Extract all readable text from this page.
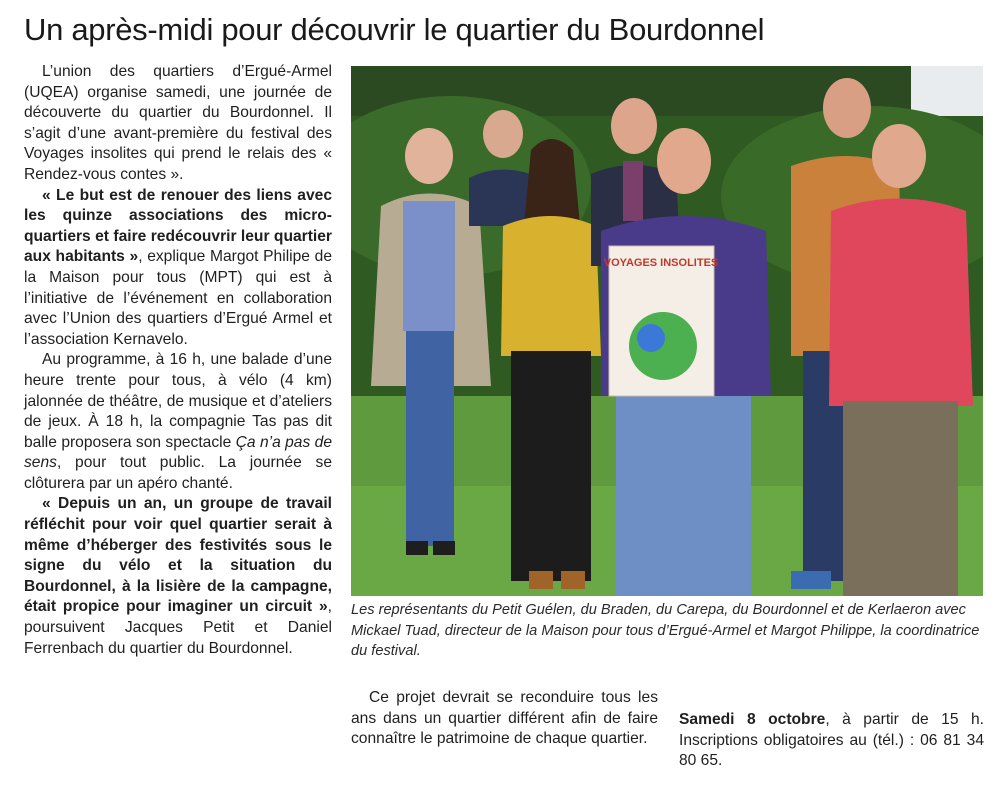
Un après-midi pour découvrir le quartier du Bourdonnel

L’union des quartiers d’Ergué-Armel (UQEA) organise samedi, une journée de découverte du quartier du Bourdonnel. Il s’agit d’une avant-première du festival des Voyages insolites qui prend le relais des « Rendez-vous contes ».

« Le but est de renouer des liens avec les quinze associations des micro-quartiers et faire redécouvrir leur quartier aux habitants », explique Margot Philipe de la Maison pour tous (MPT) qui est à l’initiative de l’événement en collaboration avec l’Union des quartiers d’Ergué Armel et l’association Kernavelo.

Au programme, à 16 h, une balade d’une heure trente pour tous, à vélo (4 km) jalonnée de théâtre, de musique et d’ateliers de jeux. À 18 h, la compagnie Tas pas dit balle proposera son spectacle Ça n’a pas de sens, pour tout public. La journée se clôturera par un apéro chanté.

« Depuis un an, un groupe de travail réfléchit pour voir quel quartier serait à même d’héberger des festivités sous le signe du vélo et la situation du Bourdonnel, à la lisière de la campagne, était propice pour imaginer un circuit », poursuivent Jacques Petit et Daniel Ferrenbach du quartier du Bourdonnel.

VOYAGES INSOLITES

Les représentants du Petit Guélen, du Braden, du Carepa, du Bourdonnel et de Kerlaeron avec Mickael Tuad, directeur de la Maison pour tous d’Ergué-Armel et Margot Philippe, la coordinatrice du festival.

Ce projet devrait se reconduire tous les ans dans un quartier différent afin de faire connaître le patrimoine de chaque quartier.

Samedi 8 octobre, à partir de 15 h. Inscriptions obligatoires au (tél.) : 06 81 34 80 65.
